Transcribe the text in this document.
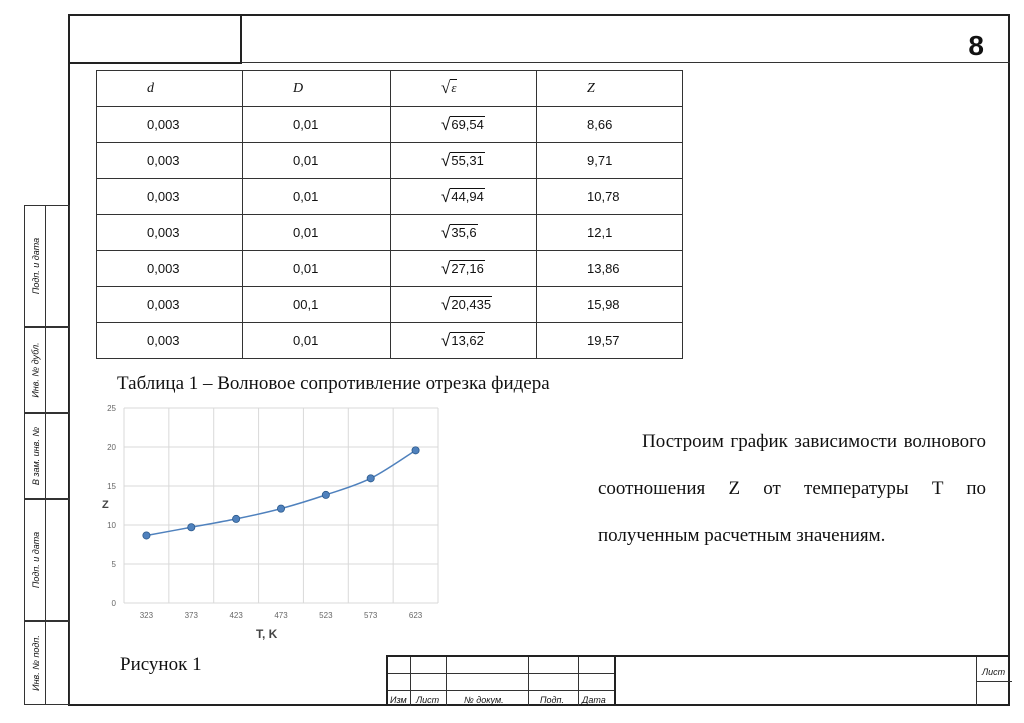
8
Подп. и дата
Инв. № дубл.
В зам. инв. №
Подп. и дата
Инв. № подп.
d	D	√ ε	Z
0,003	0,01	√ 69,54	8,66
0,003	0,01	√ 55,31	9,71
0,003	0,01	√ 44,94	10,78
0,003	0,01	√ 35,6	12,1
0,003	0,01	√ 27,16	13,86
0,003	00,1	√ 20,435	15,98
0,003	0,01	√ 13,62	19,57
Таблица 1 – Волновое сопротивление отрезка фидера
0
5
10
15
20
25
323	373	423	473	523	573	623
Z
T, K

Построим график зависимости волнового соотношения Z от температуры T по полученным расчетным значениям.

Рисунок 1
Изм Лист	№ докум.	Подп. Дата
Лист
